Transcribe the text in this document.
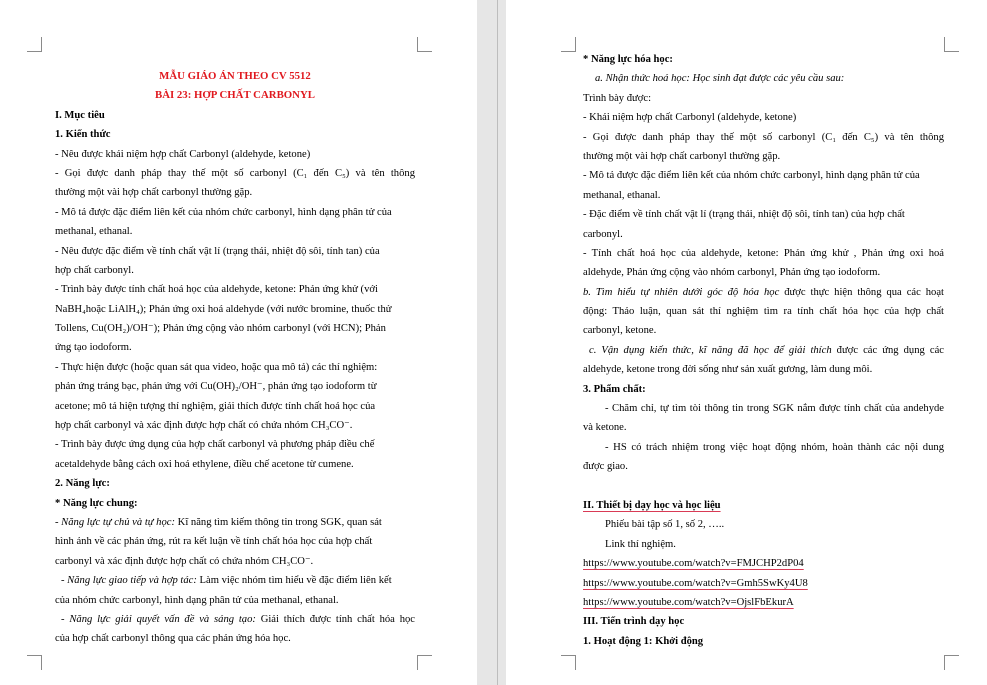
MẪU GIÁO ÁN THEO CV 5512
BÀI 23: HỢP CHẤT CARBONYL
I. Mục tiêu
1. Kiến thức
- Nêu được khái niệm hợp chất Carbonyl (aldehyde, ketone)
- Gọi được danh pháp thay thế một số carbonyl (C₁ đến C₅) và tên thông
thường một vài hợp chất carbonyl thường gặp.
- Mô tả được đặc điểm liên kết của nhóm chức carbonyl, hình dạng phân tử của
methanal, ethanal.
- Nêu được đặc điểm về tính chất vật lí (trạng thái, nhiệt độ sôi, tính tan) của
hợp chất carbonyl.
- Trình bày được tính chất hoá học của aldehyde, ketone: Phản ứng khử (với
NaBH₄hoặc LiAlH₄); Phản ứng oxi hoá aldehyde (với nước bromine, thuốc thử
Tollens, Cu(OH₂)/OH⁻); Phản ứng cộng vào nhóm carbonyl (với HCN); Phản
ứng tạo iodoform.
- Thực hiện được (hoặc quan sát qua video, hoặc qua mô tả) các thí nghiệm:
phản ứng tráng bạc, phản ứng với Cu(OH)₂/OH⁻, phản ứng tạo iodoform từ
acetone; mô tả hiện tượng thí nghiệm, giải thích được tính chất hoá học của
hợp chất carbonyl và xác định được hợp chất có chứa nhóm CH₃CO⁻.
- Trình bày được ứng dụng của hợp chất carbonyl và phương pháp điều chế
acetaldehyde bằng cách oxi hoá ethylene, điều chế acetone từ cumene.
2. Năng lực:
* Năng lực chung:
- Năng lực tự chủ và tự học: Kĩ năng tìm kiếm thông tin trong SGK, quan sát
hình ảnh về các phản ứng, rút ra kết luận về tính chất hóa học của hợp chất
carbonyl và xác định được hợp chất có chứa nhóm CH₃CO⁻.
- Năng lực giao tiếp và hợp tác: Làm việc nhóm tìm hiểu về đặc điểm liên kết
của nhóm chức carbonyl, hình dạng phân tử của methanal, ethanal.
- Năng lực giải quyết vấn đề và sáng tạo: Giải thích được tính chất hóa học
của hợp chất carbonyl thông qua các phản ứng hóa học.
* Năng lực hóa học:
a. Nhận thức hoá học: Học sinh đạt được các yêu cầu sau:
Trình bày được:
- Khái niệm hợp chất Carbonyl (aldehyde, ketone)
- Gọi được danh pháp thay thế một số carbonyl (C₁ đến C₅) và tên thông
thường một vài hợp chất carbonyl thường gặp.
- Mô tả được đặc điểm liên kết của nhóm chức carbonyl, hình dạng phân tử của
methanal, ethanal.
- Đặc điểm về tính chất vật lí (trạng thái, nhiệt độ sôi, tính tan) của hợp chất
carbonyl.
- Tính chất hoá học của aldehyde, ketone: Phản ứng khử , Phản ứng oxi hoá
aldehyde, Phản ứng cộng vào nhóm carbonyl, Phản ứng tạo iodoform.
b. Tìm hiểu tự nhiên dưới góc độ hóa học được thực hiện thông qua các hoạt
động: Thảo luận, quan sát thí nghiệm tìm ra tính chất hóa học của hợp chất
carbonyl, ketone.
c. Vận dụng kiến thức, kĩ năng đã học để giải thích được các ứng dụng các
aldehyde, ketone trong đời sống như sản xuất gương, làm dung môi.
3. Phẩm chất:
- Chăm chỉ, tự tìm tòi thông tin trong SGK nắm được tính chất của andehyde
và ketone.
- HS có trách nhiệm trong việc hoạt động nhóm, hoàn thành các nội dung
được giao.
II. Thiết bị dạy học và học liệu
Phiếu bài tập số 1, số 2, …..
Link thí nghiệm.
https://www.youtube.com/watch?v=FMJCHP2dP04
https://www.youtube.com/watch?v=Gmh5SwKy4U8
https://www.youtube.com/watch?v=OjslFbEkurA
III. Tiến trình dạy học
1. Hoạt động 1: Khởi động
